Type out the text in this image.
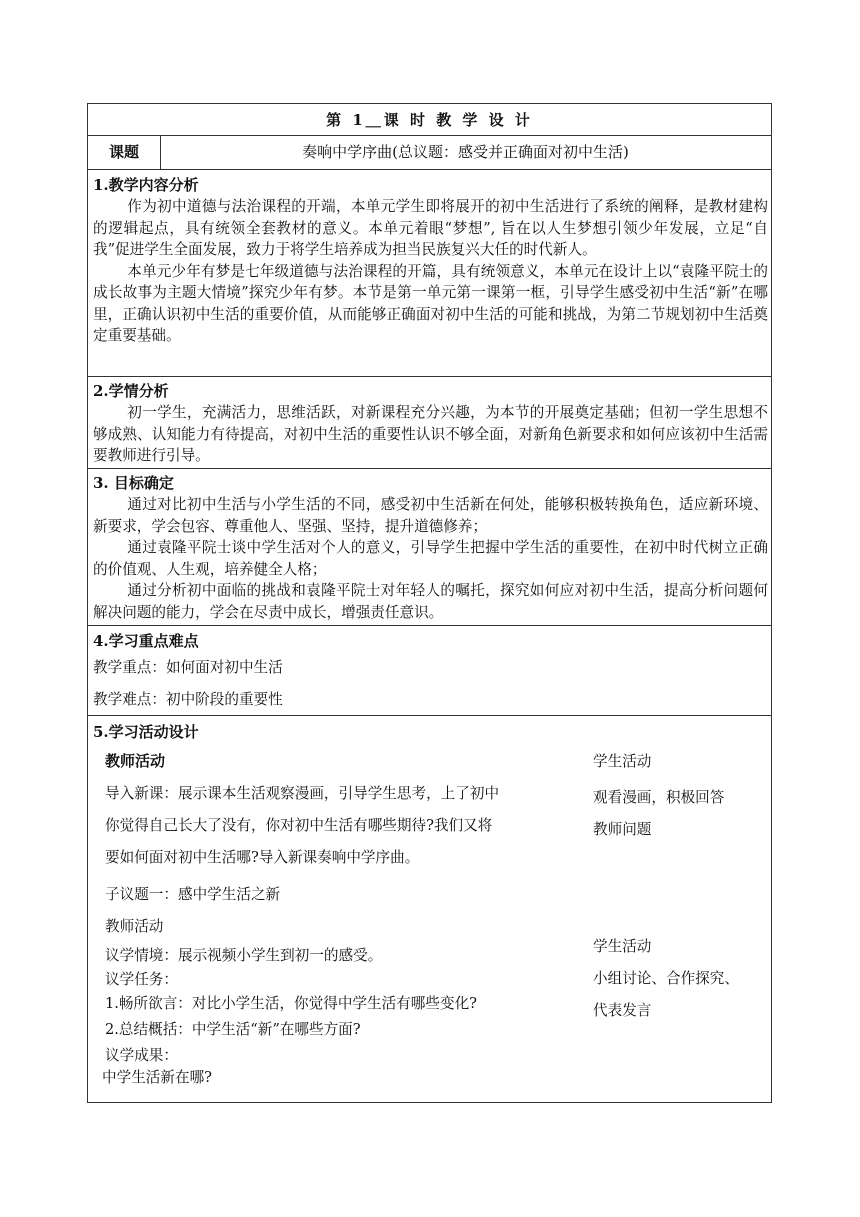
第 1＿课 时 教 学 设 计
课题	奏响中学序曲(总议题：感受并正确面对初中生活)
1.教学内容分析

作为初中道德与法治课程的开端，本单元学生即将展开的初中生活进行了系统的阐释，是教材建构的逻辑起点，具有统领全套教材的意义。本单元着眼“梦想”, 旨在以人生梦想引领少年发展，立足“自我”促进学生全面发展，致力于将学生培养成为担当民族复兴大任的时代新人。

本单元少年有梦是七年级道德与法治课程的开篇，具有统领意义，本单元在设计上以“袁隆平院士的成长故事为主题大情境”探究少年有梦。本节是第一单元第一课第一框，引导学生感受初中生活“新”在哪里，正确认识初中生活的重要价值，从而能够正确面对初中生活的可能和挑战，为第二节规划初中生活奠定重要基础。

2.学情分析

初一学生，充满活力，思维活跃，对新课程充分兴趣，为本节的开展奠定基础；但初一学生思想不够成熟、认知能力有待提高，对初中生活的重要性认识不够全面，对新角色新要求和如何应该初中生活需要教师进行引导。

3. 目标确定

通过对比初中生活与小学生活的不同，感受初中生活新在何处，能够积极转换角色，适应新环境、新要求，学会包容、尊重他人、坚强、坚持，提升道德修养；

通过袁隆平院士谈中学生活对个人的意义，引导学生把握中学生活的重要性，在初中时代树立正确的价值观、人生观，培养健全人格；

通过分析初中面临的挑战和袁隆平院士对年轻人的嘱托，探究如何应对初中生活，提高分析问题何解决问题的能力，学会在尽责中成长，增强责任意识。

4.学习重点难点

教学重点：如何面对初中生活

教学难点：初中阶段的重要性

5.学习活动设计

教师活动

导入新课：展示课本生活观察漫画，引导学生思考，上了初中

你觉得自己长大了没有，你对初中生活有哪些期待?我们又将

要如何面对初中生活哪?导入新课奏响中学序曲。

子议题一：感中学生活之新

教师活动

议学情境：展示视频小学生到初一的感受。

议学任务：

1.畅所欲言：对比小学生活，你觉得中学生活有哪些变化?

2.总结概括：中学生活“新”在哪些方面?

议学成果：

中学生活新在哪?

学生活动

观看漫画，积极回答

教师问题

学生活动

小组讨论、合作探究、

代表发言
